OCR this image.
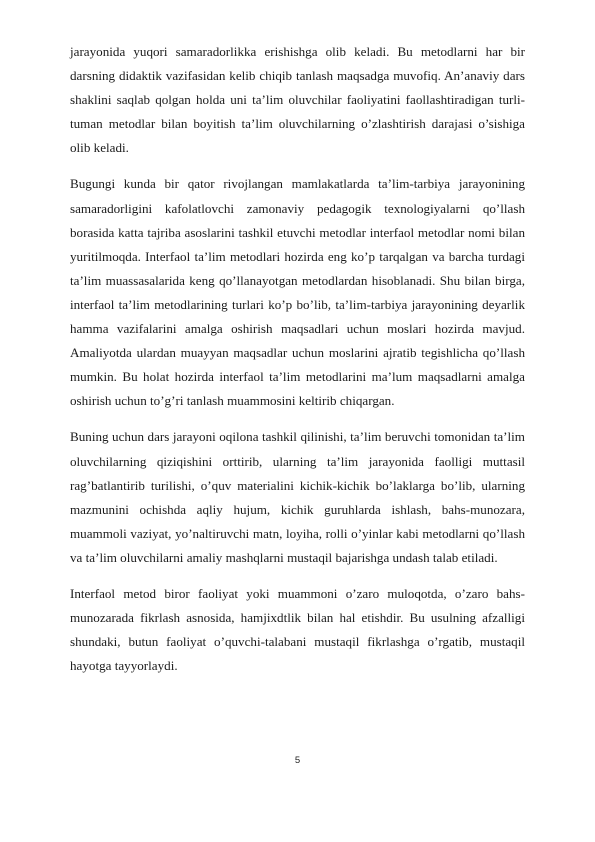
jarayonida yuqori samaradorlikka erishishga olib keladi. Bu metodlarni har bir darsning didaktik vazifasidan kelib chiqib tanlash maqsadga muvofiq. An’anaviy dars shaklini saqlab qolgan holda uni ta’lim oluvchilar faoliyatini faollashtiradigan turli-tuman metodlar bilan boyitish ta’lim oluvchilarning o’zlashtirish darajasi o’sishiga olib keladi.

Bugungi kunda bir qator rivojlangan mamlakatlarda ta’lim-tarbiya jarayonining samaradorligini kafolatlovchi zamonaviy pedagogik texnologiyalarni qo’llash borasida katta tajriba asoslarini tashkil etuvchi metodlar interfaol metodlar nomi bilan yuritilmoqda. Interfaol ta’lim metodlari hozirda eng ko’p tarqalgan va barcha turdagi ta’lim muassasalarida keng qo’llanayotgan metodlardan hisoblanadi. Shu bilan birga, interfaol ta’lim metodlarining turlari ko’p bo’lib, ta’lim-tarbiya jarayonining deyarlik hamma vazifalarini amalga oshirish maqsadlari uchun moslari hozirda mavjud. Amaliyotda ulardan muayyan maqsadlar uchun moslarini ajratib tegishlicha qo’llash mumkin. Bu holat hozirda interfaol ta’lim metodlarini ma’lum maqsadlarni amalga oshirish uchun to’g’ri tanlash muammosini keltirib chiqargan.

Buning uchun dars jarayoni oqilona tashkil qilinishi, ta’lim beruvchi tomonidan ta’lim oluvchilarning qiziqishini orttirib, ularning ta’lim jarayonida faolligi muttasil rag’batlantirib turilishi, o’quv materialini kichik-kichik bo’laklarga bo’lib, ularning mazmunini ochishda aqliy hujum, kichik guruhlarda ishlash, bahs-munozara, muammoli vaziyat, yo’naltiruvchi matn, loyiha, rolli o’yinlar kabi metodlarni qo’llash va ta’lim oluvchilarni amaliy mashqlarni mustaqil bajarishga undash talab etiladi.

Interfaol metod biror faoliyat yoki muammoni o’zaro muloqotda, o’zaro bahs-munozarada fikrlash asnosida, hamjixdtlik bilan hal etishdir. Bu usulning afzalligi shundaki, butun faoliyat o’quvchi-talabani mustaqil fikrlashga o’rgatib, mustaqil hayotga tayyorlaydi.

5
